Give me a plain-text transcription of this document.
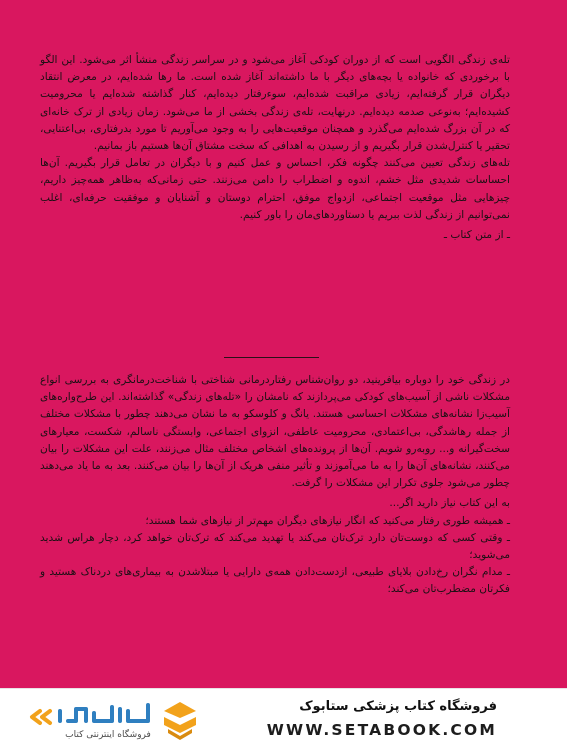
تله‌ی زندگی الگویی است که از دوران کودکی آغاز می‌شود و در سراسر زندگی منشأ اثر می‌شود. این الگو با برخوردی که خانواده یا بچه‌های دیگر با ما داشته‌اند آغاز شده است. ما رها شده‌ایم، در معرض انتقاد دیگران قرار گرفته‌ایم، زیادی مراقبت شده‌ایم، سوءرفتار دیده‌ایم، کنار گذاشته شده‌ایم یا محرومیت کشیده‌ایم؛ به‌نوعی صدمه دیده‌ایم. درنهایت، تله‌ی زندگی بخشی از ما می‌شود. زمان زیادی از ترک خانه‌ای که در آن بزرگ شده‌ایم می‌گذرد و همچنان موقعیت‌هایی را به وجود می‌آوریم تا مورد بدرفتاری، بی‌اعتنایی، تحقیر یا کنترل‌شدن قرار بگیریم و از رسیدن به اهدافی که سخت مشتاق آن‌ها هستیم باز بمانیم.

تله‌های زندگی تعیین می‌کنند چگونه فکر، احساس و عمل کنیم و با دیگران در تعامل قرار بگیریم. آن‌ها احساسات شدیدی مثل خشم، اندوه و اضطراب را دامن می‌زنند. حتی زمانی‌که به‌ظاهر همه‌چیز داریم، چیزهایی مثل موقعیت اجتماعی، ازدواج موفق، احترام دوستان و آشنایان و موفقیت حرفه‌ای، اغلب نمی‌توانیم از زندگی لذت ببریم یا دستاوردهای‌مان را باور کنیم.

ـ از متن کتاب ـ

در زندگی خود را دوباره بیافرینید، دو روان‌شناس رفتاردرمانی شناختی با شناخت‌درمانگری به بررسی انواع مشکلات ناشی از آسیب‌های کودکی می‌پردازند که نامشان را «تله‌های زندگی» گذاشته‌اند. این طرح‌واره‌های آسیب‌زا نشانه‌های مشکلات احساسی هستند. یانگ و کلوسکو به ما نشان می‌دهند چطور با مشکلات مختلف از جمله رهاشدگی، بی‌اعتمادی، محرومیت عاطفی، انزوای اجتماعی، وابستگی ناسالم، شکست، معیارهای سخت‌گیرانه و... روبه‌رو شویم. آن‌ها از پرونده‌های اشخاص مختلف مثال می‌زنند، علت این مشکلات را بیان می‌کنند، نشانه‌های آن‌ها را به ما می‌آموزند و تأثیر منفی هریک از آن‌ها را بیان می‌کنند. بعد به ما یاد می‌دهند چطور می‌شود جلوی تکرار این مشکلات را گرفت.

به این کتاب نیاز دارید اگر...

ـ همیشه طوری رفتار می‌کنید که انگار نیازهای دیگران مهم‌تر از نیازهای شما هستند؛

ـ وقتی کسی که دوست‌تان دارد ترک‌تان می‌کند یا تهدید می‌کند که ترک‌تان خواهد کرد، دچار هراس شدید می‌شوید؛

ـ مدام نگران رخ‌دادن بلایای طبیعی، ازدست‌دادن همه‌ی دارایی یا مبتلاشدن به بیماری‌های دردناک هستید و فکرتان مضطرب‌تان می‌کند؛

فروشگاه کتاب پزشکی ستابوک
WWW.SETABOOK.COM
فروشگاه اینترنتی کتاب
